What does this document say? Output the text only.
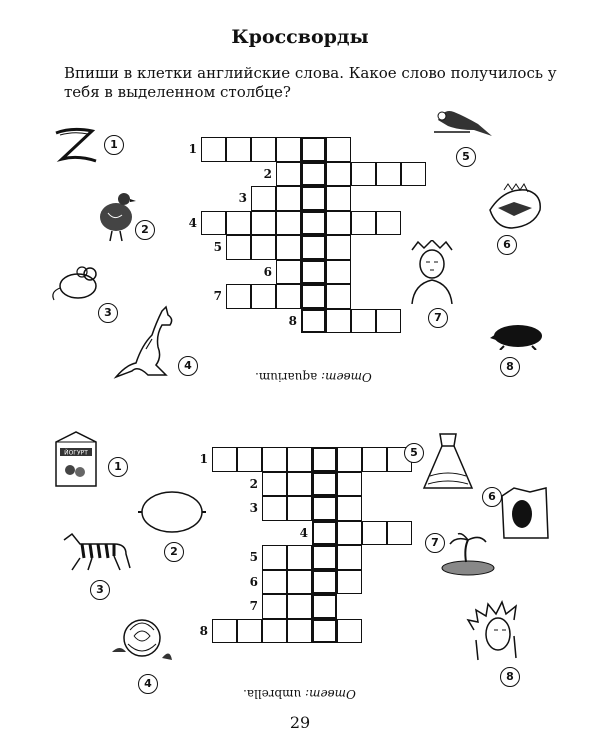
Кроссворды
Впиши в клетки английские слова. Какое слово получилось у тебя в выделенном столбце?
1
2
3
4
5
6
7
8
1
2
3
4
5
6
7
8
Ответ: aquarium.
1
2
3
4
5
6
7
8
ЙОГУРТ
1
2
3
4
5
6
7
8
Ответ: umbrella.
29
